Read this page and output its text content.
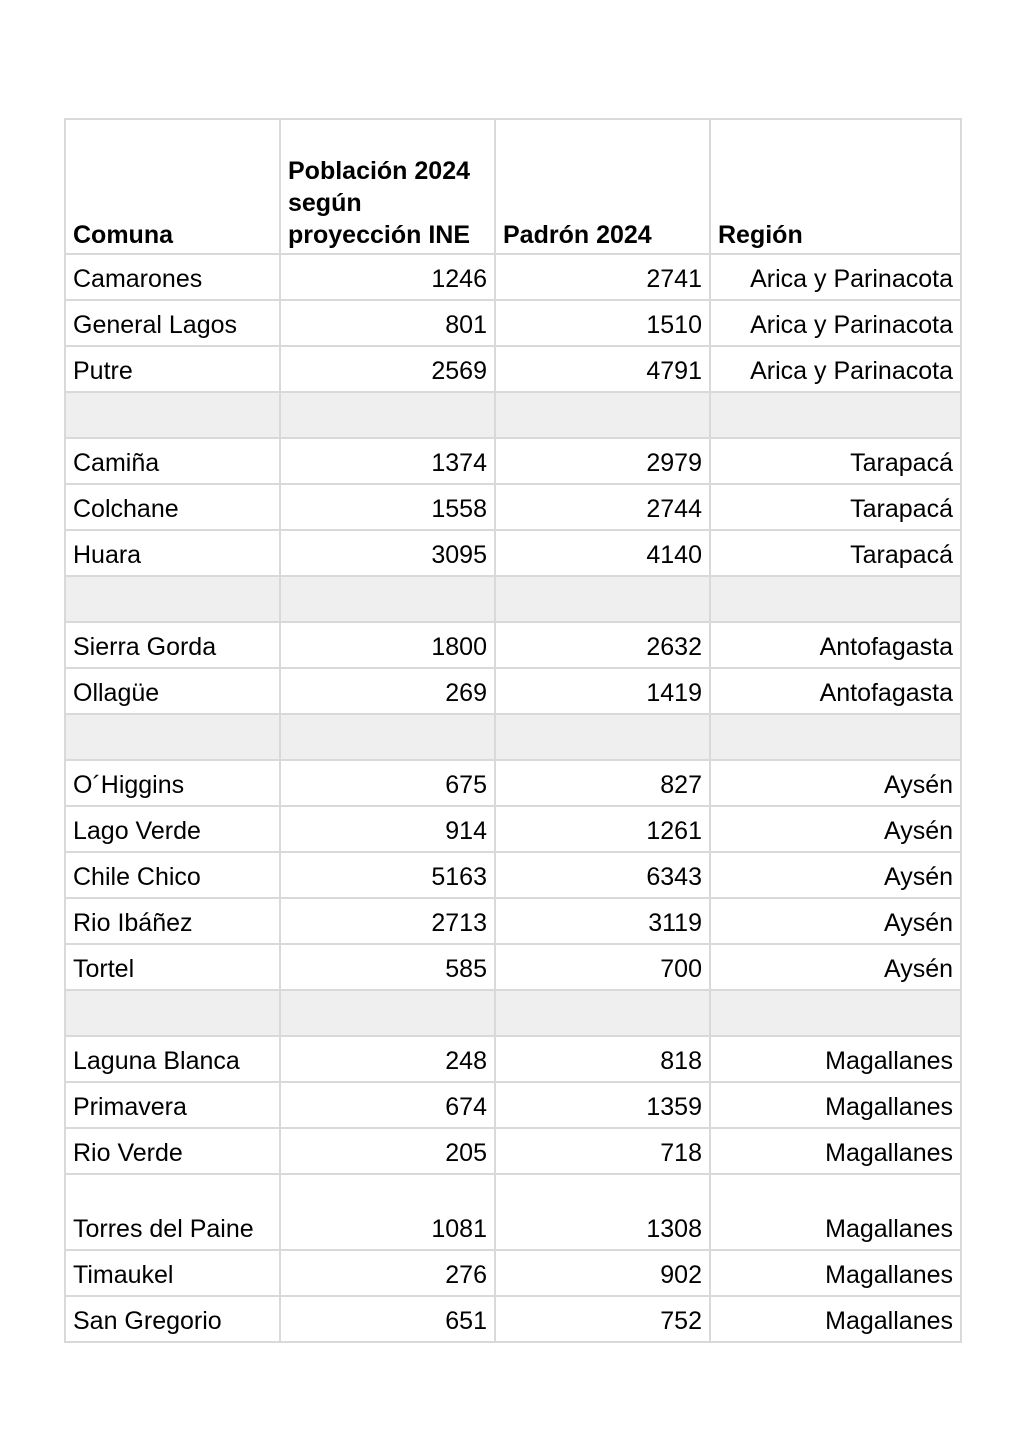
Comuna	Población 2024 según proyección INE	Padrón 2024	Región
Camarones	1246	2741	Arica y Parinacota
General Lagos	801	1510	Arica y Parinacota
Putre	2569	4791	Arica y Parinacota

Camiña	1374	2979	Tarapacá
Colchane	1558	2744	Tarapacá
Huara	3095	4140	Tarapacá

Sierra Gorda	1800	2632	Antofagasta
Ollagüe	269	1419	Antofagasta

O´Higgins	675	827	Aysén
Lago Verde	914	1261	Aysén
Chile Chico	5163	6343	Aysén
Rio Ibáñez	2713	3119	Aysén
Tortel	585	700	Aysén

Laguna Blanca	248	818	Magallanes
Primavera	674	1359	Magallanes
Rio Verde	205	718	Magallanes
Torres del Paine	1081	1308	Magallanes
Timaukel	276	902	Magallanes
San Gregorio	651	752	Magallanes
